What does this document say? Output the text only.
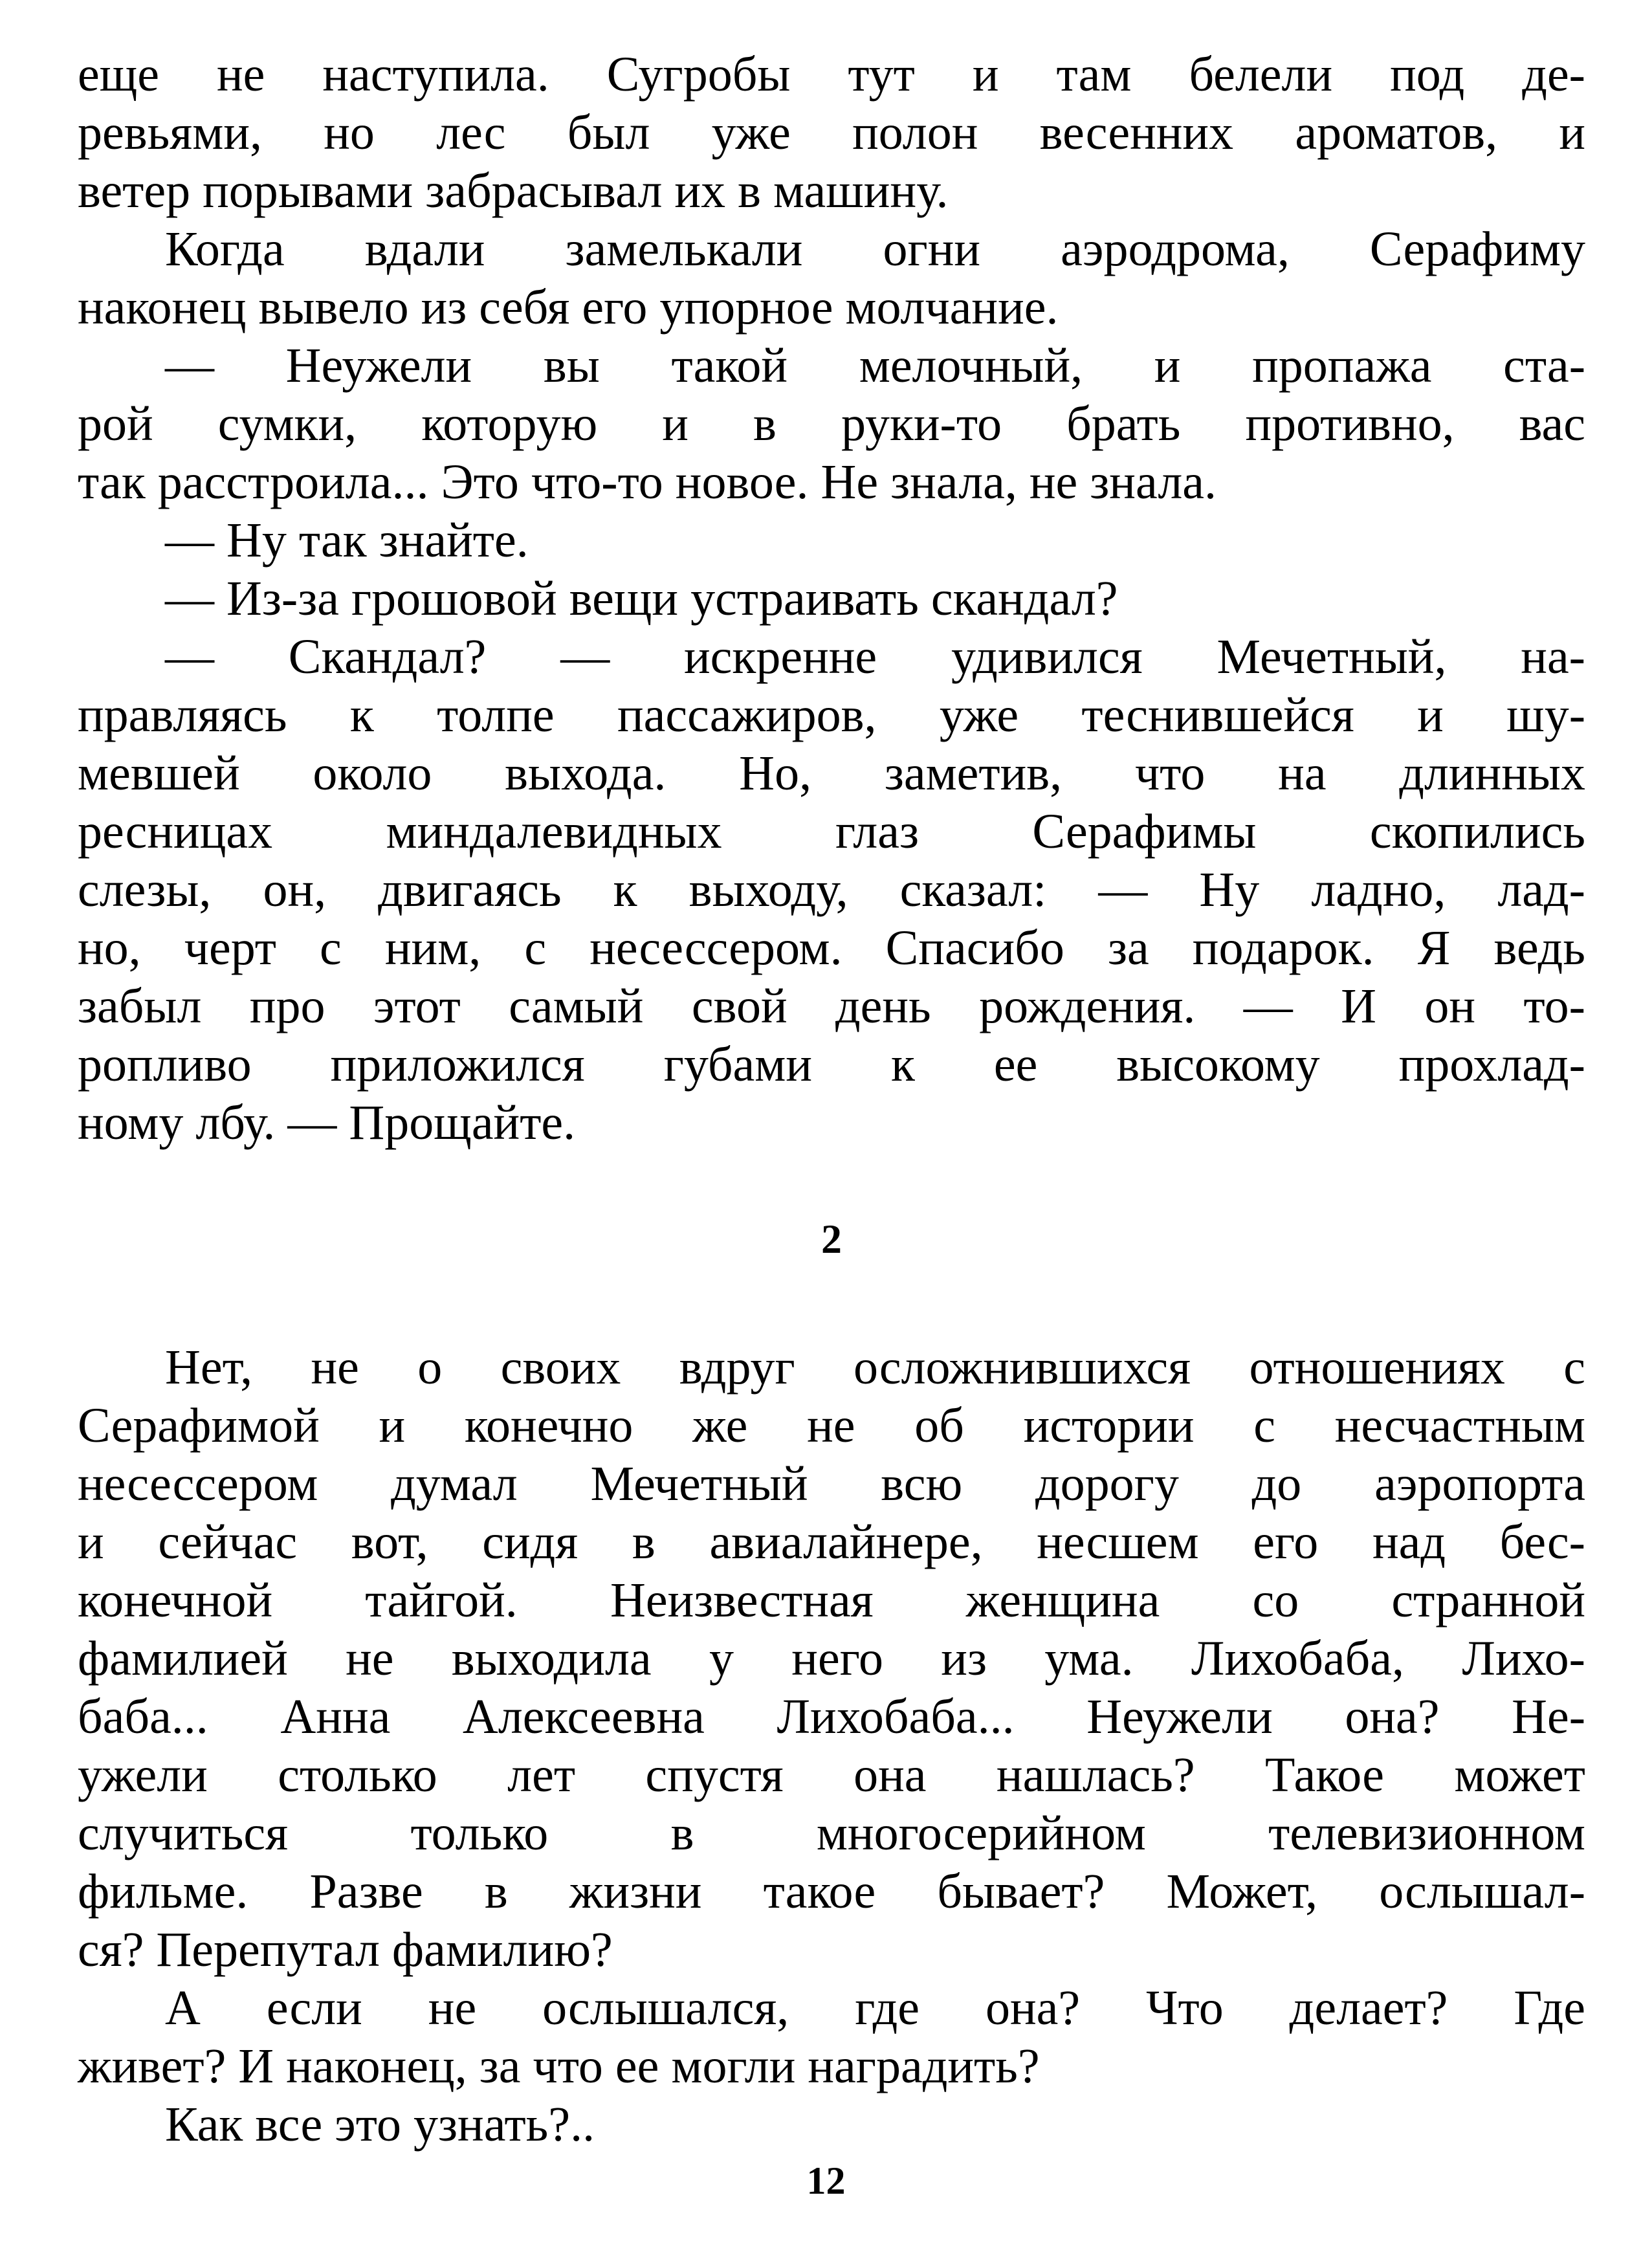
еще не наступила. Сугробы тут и там белели под де-
ревьями, но лес был уже полон весенних ароматов, и
ветер порывами забрасывал их в машину.
Когда вдали замелькали огни аэродрома, Серафиму
наконец вывело из себя его упорное молчание.
— Неужели вы такой мелочный, и пропажа ста-
рой сумки, которую и в руки-то брать противно, вас
так расстроила... Это что-то новое. Не знала, не знала.
— Ну так знайте.
— Из-за грошовой вещи устраивать скандал?
— Скандал? — искренне удивился Мечетный, на-
правляясь к толпе пассажиров, уже теснившейся и шу-
мевшей около выхода. Но, заметив, что на длинных
ресницах миндалевидных глаз Серафимы скопились
слезы, он, двигаясь к выходу, сказал: — Ну ладно, лад-
но, черт с ним, с несессером. Спасибо за подарок. Я ведь
забыл про этот самый свой день рождения. — И он то-
ропливо приложился губами к ее высокому прохлад-
ному лбу. — Прощайте.
2
Нет, не о своих вдруг осложнившихся отношениях с
Серафимой и конечно же не об истории с несчастным
несессером думал Мечетный всю дорогу до аэропорта
и сейчас вот, сидя в авиалайнере, несшем его над бес-
конечной тайгой. Неизвестная женщина со странной
фамилией не выходила у него из ума. Лихобаба, Лихо-
баба... Анна Алексеевна Лихобаба... Неужели она? Не-
ужели столько лет спустя она нашлась? Такое может
случиться только в многосерийном телевизионном
фильме. Разве в жизни такое бывает? Может, ослышал-
ся? Перепутал фамилию?
А если не ослышался, где она? Что делает? Где
живет? И наконец, за что ее могли наградить?
Как все это узнать?..
12
